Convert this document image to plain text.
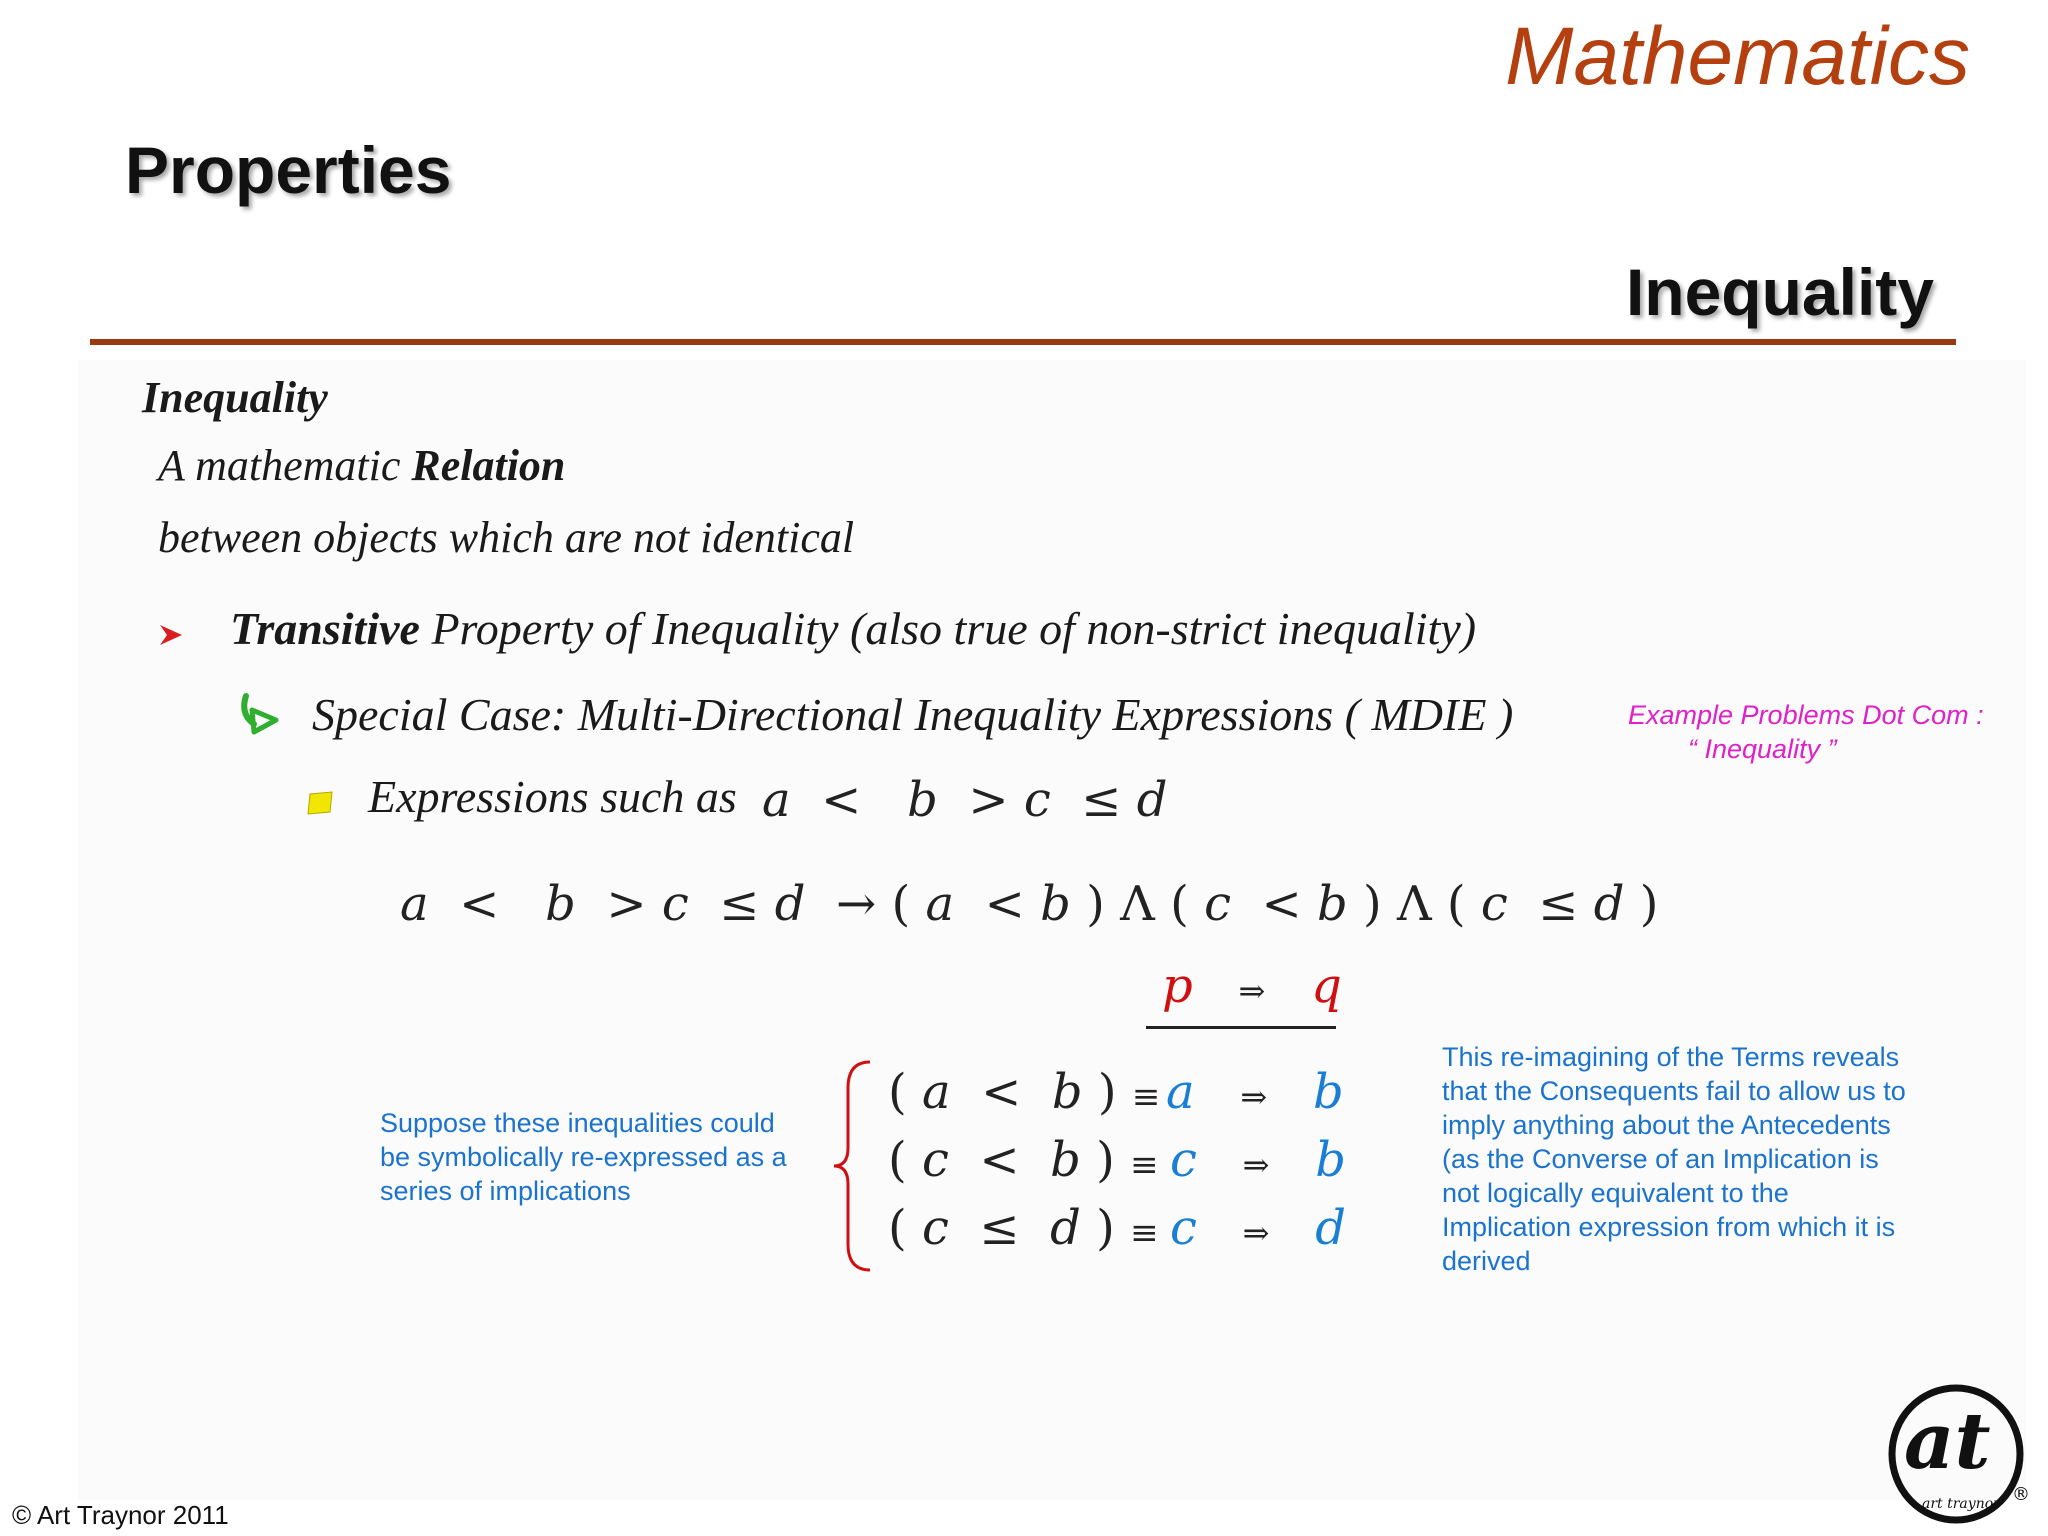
Mathematics
Properties
Inequality
Inequality
A mathematic Relation
between objects which are not identical
Transitive Property of Inequality (also true of non-strict inequality)
Special Case: Multi-Directional Inequality Expressions ( MDIE )	Example Problems Dot Com :
“ Inequality ”
Expressions such as a < b > c ≤ d
a < b > c ≤ d → ( a < b ) Λ ( c < b ) Λ ( c ≤ d )
p ⇒ q
Suppose these inequalities could be symbolically re-expressed as a series of implications
( a < b ) ≡ a ⇒ b
( c < b ) ≡ c ⇒ b
( c ≤ d ) ≡ c ⇒ d
This re-imagining of the Terms reveals that the Consequents fail to allow us to imply anything about the Antecedents (as the Converse of an Implication is not logically equivalent to the Implication expression from which it is derived
© Art Traynor 2011
at
art traynor ®
